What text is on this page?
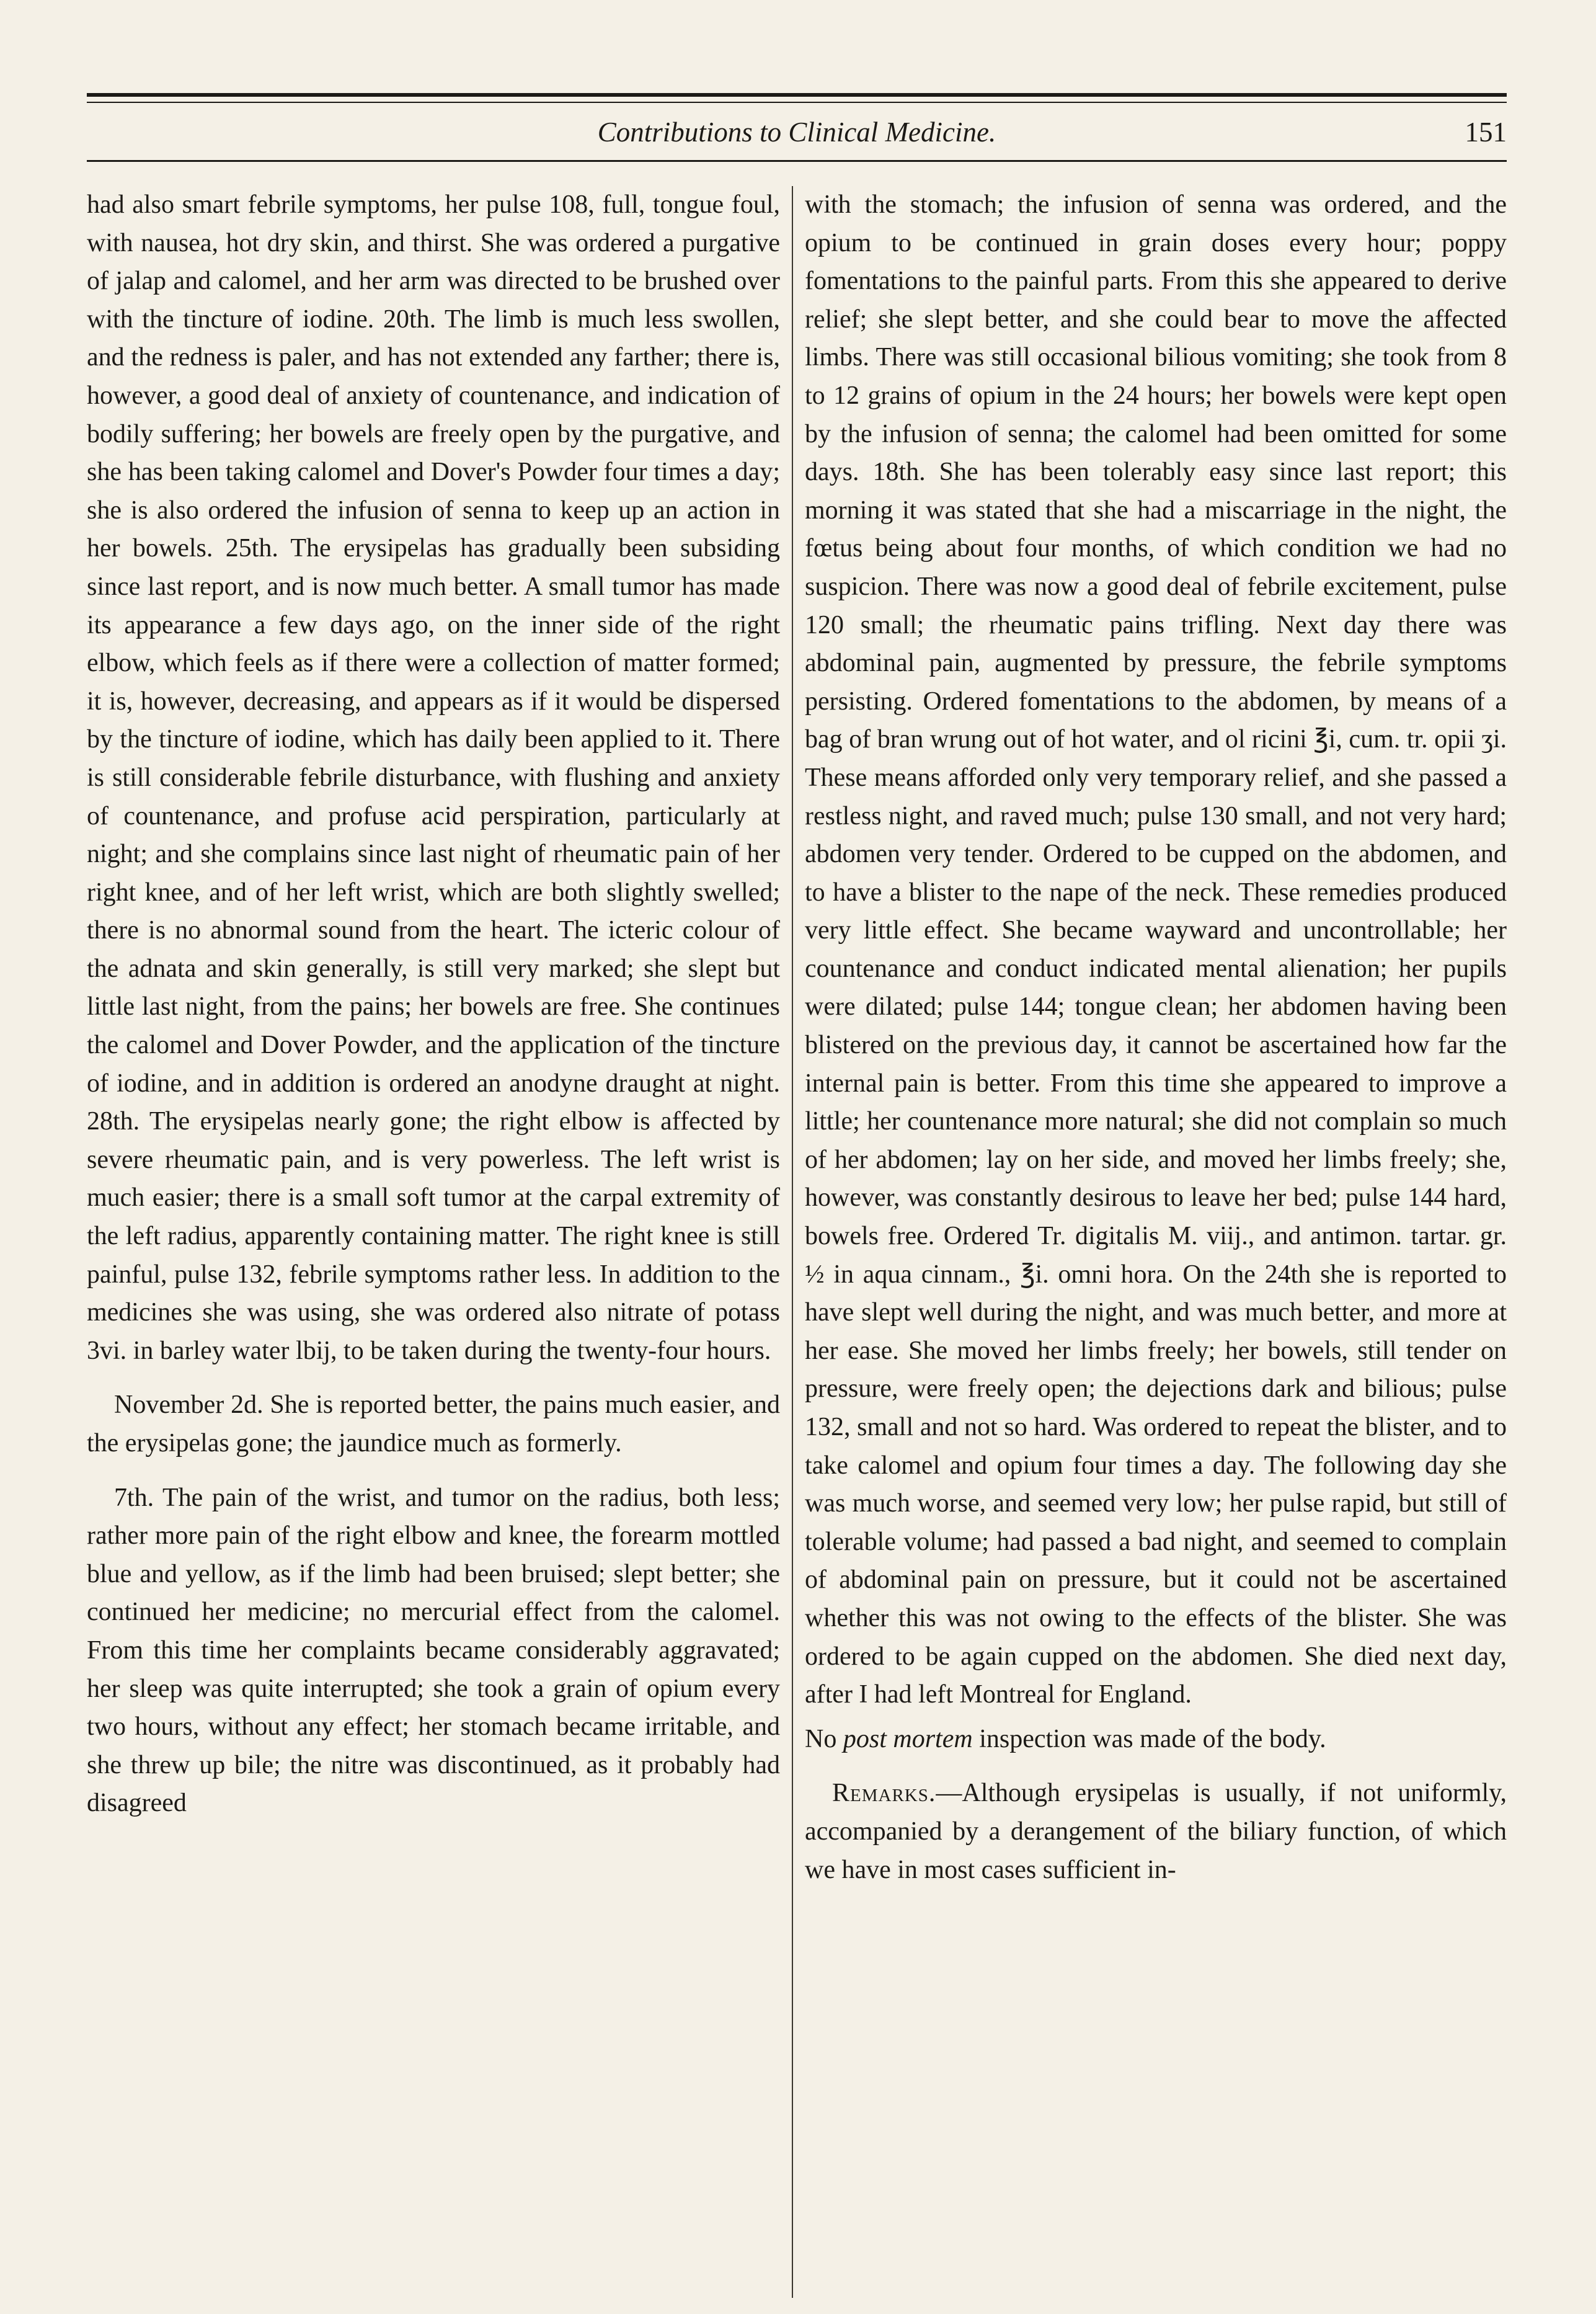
Contributions to Clinical Medicine.	151

had also smart febrile symptoms, her pulse 108, full, tongue foul, with nausea, hot dry skin, and thirst. She was ordered a purgative of jalap and calomel, and her arm was directed to be brushed over with the tincture of iodine. 20th. The limb is much less swollen, and the redness is paler, and has not extended any farther; there is, however, a good deal of anxiety of countenance, and indication of bodily suffering; her bowels are freely open by the purgative, and she has been taking calomel and Dover's Powder four times a day; she is also ordered the infusion of senna to keep up an action in her bowels. 25th. The erysipelas has gradually been subsiding since last report, and is now much better. A small tumor has made its appearance a few days ago, on the inner side of the right elbow, which feels as if there were a collection of matter formed; it is, however, decreasing, and appears as if it would be dispersed by the tincture of iodine, which has daily been applied to it. There is still considerable febrile disturbance, with flushing and anxiety of countenance, and profuse acid perspiration, particularly at night; and she complains since last night of rheumatic pain of her right knee, and of her left wrist, which are both slightly swelled; there is no abnormal sound from the heart. The icteric colour of the adnata and skin generally, is still very marked; she slept but little last night, from the pains; her bowels are free. She continues the calomel and Dover Powder, and the application of the tincture of iodine, and in addition is ordered an anodyne draught at night. 28th. The erysipelas nearly gone; the right elbow is affected by severe rheumatic pain, and is very powerless. The left wrist is much easier; there is a small soft tumor at the carpal extremity of the left radius, apparently containing matter. The right knee is still painful, pulse 132, febrile symptoms rather less. In addition to the medicines she was using, she was ordered also nitrate of potass 3vi. in barley water lbij, to be taken during the twenty-four hours.

November 2d. She is reported better, the pains much easier, and the erysipelas gone; the jaundice much as formerly.

7th. The pain of the wrist, and tumor on the radius, both less; rather more pain of the right elbow and knee, the forearm mottled blue and yellow, as if the limb had been bruised; slept better; she continued her medicine; no mercurial effect from the calomel. From this time her complaints became considerably aggravated; her sleep was quite interrupted; she took a grain of opium every two hours, without any effect; her stomach became irritable, and she threw up bile; the nitre was discontinued, as it probably had disagreed

with the stomach; the infusion of senna was ordered, and the opium to be continued in grain doses every hour; poppy fomentations to the painful parts. From this she appeared to derive relief; she slept better, and she could bear to move the affected limbs. There was still occasional bilious vomiting; she took from 8 to 12 grains of opium in the 24 hours; her bowels were kept open by the infusion of senna; the calomel had been omitted for some days. 18th. She has been tolerably easy since last report; this morning it was stated that she had a miscarriage in the night, the fœtus being about four months, of which condition we had no suspicion. There was now a good deal of febrile excitement, pulse 120 small; the rheumatic pains trifling. Next day there was abdominal pain, augmented by pressure, the febrile symptoms persisting. Ordered fomentations to the abdomen, by means of a bag of bran wrung out of hot water, and ol ricini ℥i, cum. tr. opii ʒi. These means afforded only very temporary relief, and she passed a restless night, and raved much; pulse 130 small, and not very hard; abdomen very tender. Ordered to be cupped on the abdomen, and to have a blister to the nape of the neck. These remedies produced very little effect. She became wayward and uncontrollable; her countenance and conduct indicated mental alienation; her pupils were dilated; pulse 144; tongue clean; her abdomen having been blistered on the previous day, it cannot be ascertained how far the internal pain is better. From this time she appeared to improve a little; her countenance more natural; she did not complain so much of her abdomen; lay on her side, and moved her limbs freely; she, however, was constantly desirous to leave her bed; pulse 144 hard, bowels free. Ordered Tr. digitalis M. viij., and antimon. tartar. gr. ½ in aqua cinnam., ℥i. omni hora. On the 24th she is reported to have slept well during the night, and was much better, and more at her ease. She moved her limbs freely; her bowels, still tender on pressure, were freely open; the dejections dark and bilious; pulse 132, small and not so hard. Was ordered to repeat the blister, and to take calomel and opium four times a day. The following day she was much worse, and seemed very low; her pulse rapid, but still of tolerable volume; had passed a bad night, and seemed to complain of abdominal pain on pressure, but it could not be ascertained whether this was not owing to the effects of the blister. She was ordered to be again cupped on the abdomen. She died next day, after I had left Montreal for England.

No post mortem inspection was made of the body.

Remarks.—Although erysipelas is usually, if not uniformly, accompanied by a derangement of the biliary function, of which we have in most cases sufficient in-
